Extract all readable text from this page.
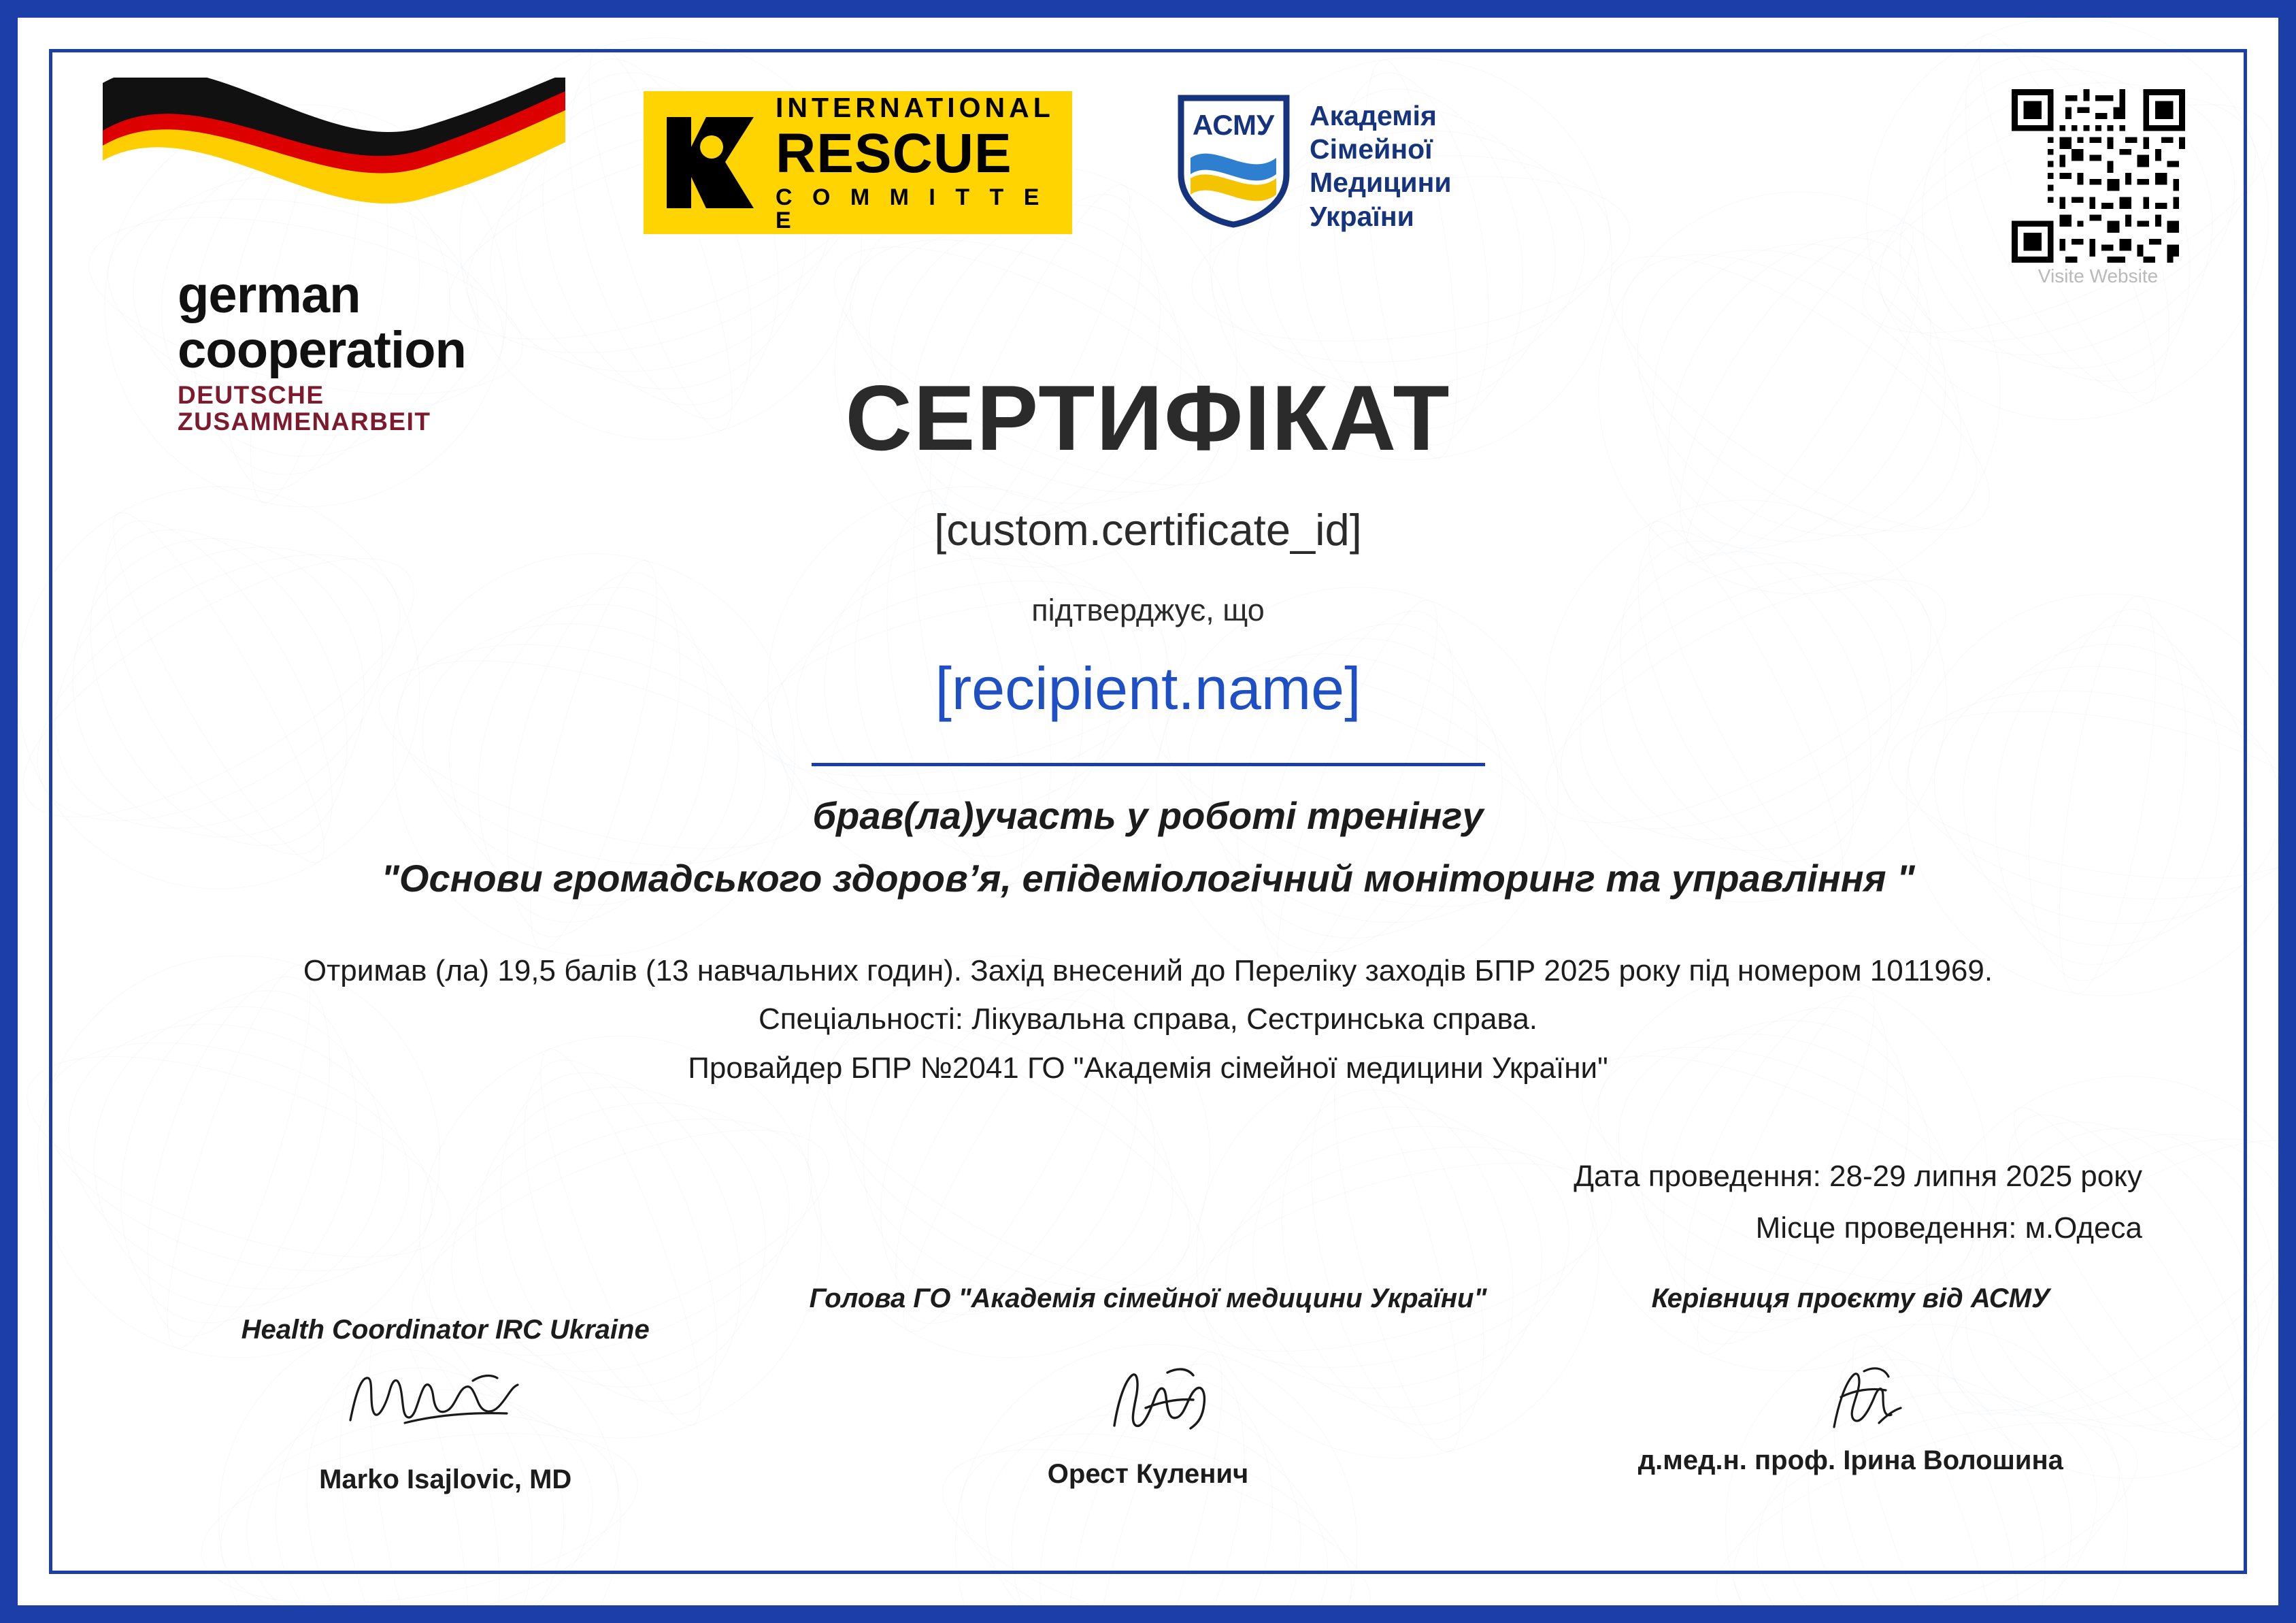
german
cooperation
DEUTSCHE ZUSAMMENARBEIT
INTERNATIONAL
RESCUE
C O M M I T T E E
АСМУ Академія
Сімейної
Медицини
України
Visite Website
СЕРТИФІКАТ
[custom.certificate_id]
підтверджує, що
[recipient.name]
брав(ла)участь у роботі тренінгу
"Основи громадського здоров’я, епідеміологічний моніторинг та управління "
Отримав (ла) 19,5 балів (13 навчальних годин). Захід внесений до Переліку заходів БПР 2025 року під номером 1011969.
Спеціальності: Лікувальна справа, Сестринська справа.
Провайдер БПР №2041 ГО "Академія сімейної медицини України"
Дата проведення: 28-29 липня 2025 року
Місце проведення: м.Одеса
Health Coordinator IRC Ukraine
Marko Isajlovic, MD
Голова ГО "Академія сімейної медицини України"
Орест Куленич
Керівниця проєкту від АСМУ
д.мед.н. проф. Ірина Волошина
